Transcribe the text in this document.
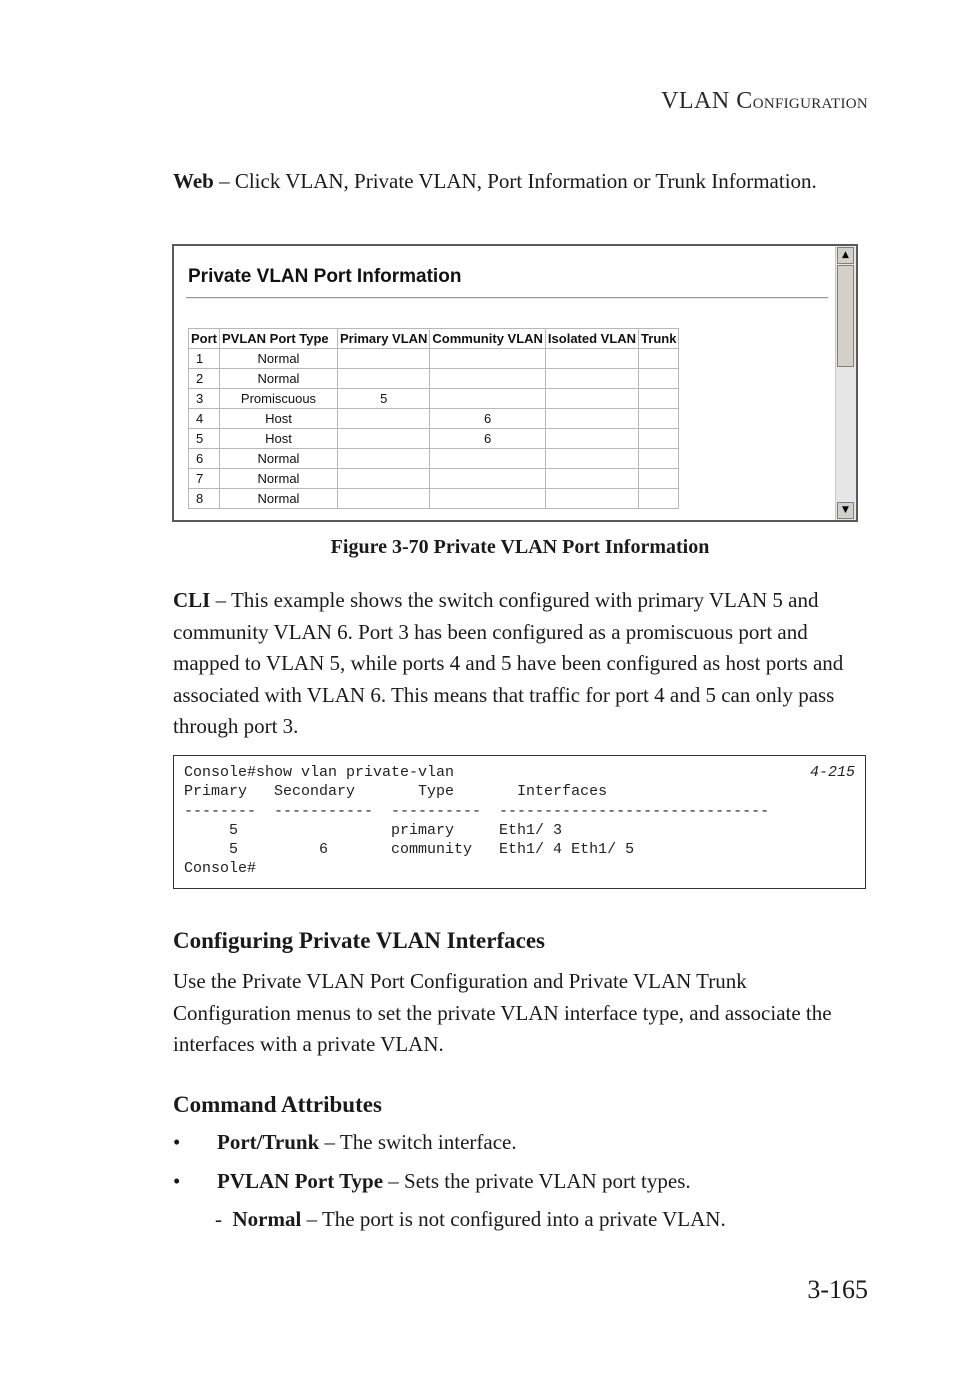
VLAN CONFIGURATION
Web – Click VLAN, Private VLAN, Port Information or Trunk Information.
Private VLAN Port Information
Port	PVLAN Port Type	Primary VLAN	Community VLAN	Isolated VLAN	Trunk
1	Normal				
2	Normal				
3	Promiscuous	5			
4	Host		6		
5	Host		6		
6	Normal				
7	Normal				
8	Normal				
▲
▼
Figure 3-70 Private VLAN Port Information
CLI – This example shows the switch configured with primary VLAN 5 and community VLAN 6. Port 3 has been configured as a promiscuous port and mapped to VLAN 5, while ports 4 and 5 have been configured as host ports and associated with VLAN 6. This means that traffic for port 4 and 5 can only pass through port 3.
4-215
Console#show vlan private-vlan
Primary   Secondary       Type       Interfaces
--------  -----------  ----------  ------------------------------
5                 primary     Eth1/ 3
5         6       community   Eth1/ 4 Eth1/ 5
Console#
Configuring Private VLAN Interfaces
Use the Private VLAN Port Configuration and Private VLAN Trunk Configuration menus to set the private VLAN interface type, and associate the interfaces with a private VLAN.
Command Attributes
• Port/Trunk – The switch interface.
• PVLAN Port Type – Sets the private VLAN port types.
- Normal – The port is not configured into a private VLAN.
3-165
